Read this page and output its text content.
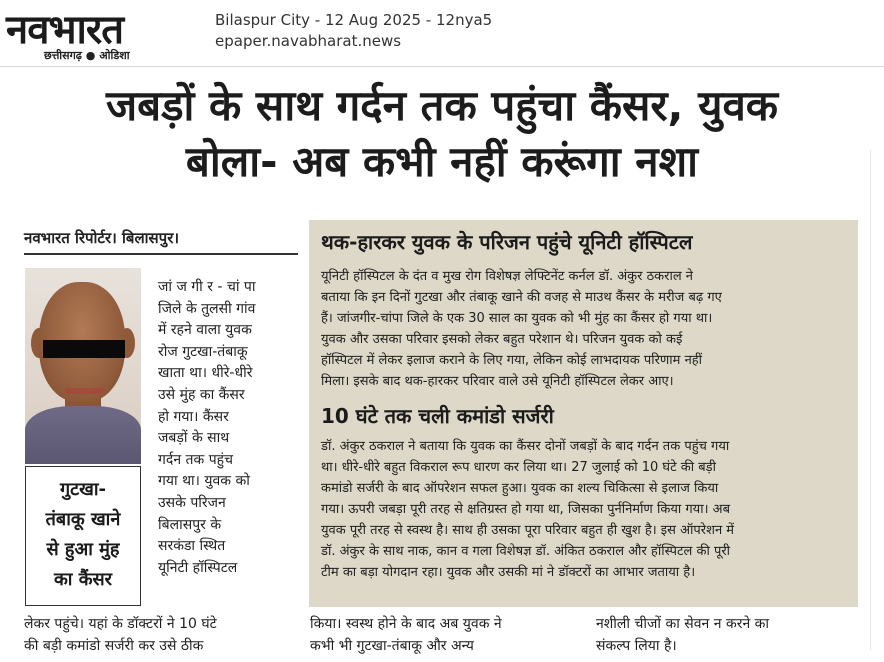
नवभारत
छत्तीसगढ़ ● ओडिशा
Bilaspur City - 12 Aug 2025 - 12nya5
epaper.navabharat.news
जबड़ों के साथ गर्दन तक पहुंचा कैंसर, युवक
बोला- अब कभी नहीं करूंगा नशा
नवभारत रिपोर्टर। बिलासपुर।
गुटखा-
तंबाकू खाने
से हुआ मुंह
का कैंसर
जां ज गी र - चां पा
जिले के तुलसी गांव
में रहने वाला युवक
रोज गुटखा-तंबाकू
खाता था। धीरे-धीरे
उसे मुंह का कैंसर
हो गया। कैंसर
जबड़ों के साथ
गर्दन तक पहुंच
गया था। युवक को
उसके परिजन
बिलासपुर के
सरकंडा स्थित
यूनिटी हॉस्पिटल
लेकर पहुंचे। यहां के डॉक्टरों ने 10 घंटे
की बड़ी कमांडो सर्जरी कर उसे ठीक
किया। स्वस्थ होने के बाद अब युवक ने
कभी भी गुटखा-तंबाकू और अन्य
नशीली चीजों का सेवन न करने का
संकल्प लिया है।
थक-हारकर युवक के परिजन पहुंचे यूनिटी हॉस्पिटल
यूनिटी हॉस्पिटल के दंत व मुख रोग विशेषज्ञ लेफ्टिनेंट कर्नल डॉ. अंकुर ठकराल ने
बताया कि इन दिनों गुटखा और तंबाकू खाने की वजह से माउथ कैंसर के मरीज बढ़ गए
हैं। जांजगीर-चांपा जिले के एक 30 साल का युवक को भी मुंह का कैंसर हो गया था।
युवक और उसका परिवार इसको लेकर बहुत परेशान थे। परिजन युवक को कई
हॉस्पिटल में लेकर इलाज कराने के लिए गया, लेकिन कोई लाभदायक परिणाम नहीं
मिला। इसके बाद थक-हारकर परिवार वाले उसे यूनिटी हॉस्पिटल लेकर आए।
10 घंटे तक चली कमांडो सर्जरी
डॉ. अंकुर ठकराल ने बताया कि युवक का कैंसर दोनों जबड़ों के बाद गर्दन तक पहुंच गया
था। धीरे-धीरे बहुत विकराल रूप धारण कर लिया था। 27 जुलाई को 10 घंटे की बड़ी
कमांडो सर्जरी के बाद ऑपरेशन सफल हुआ। युवक का शल्य चिकित्सा से इलाज किया
गया। ऊपरी जबड़ा पूरी तरह से क्षतिग्रस्त हो गया था, जिसका पुर्ननिर्माण किया गया। अब
युवक पूरी तरह से स्वस्थ है। साथ ही उसका पूरा परिवार बहुत ही खुश है। इस ऑपरेशन में
डॉ. अंकुर के साथ नाक, कान व गला विशेषज्ञ डॉ. अंकित ठकराल और हॉस्पिटल की पूरी
टीम का बड़ा योगदान रहा। युवक और उसकी मां ने डॉक्टरों का आभार जताया है।
